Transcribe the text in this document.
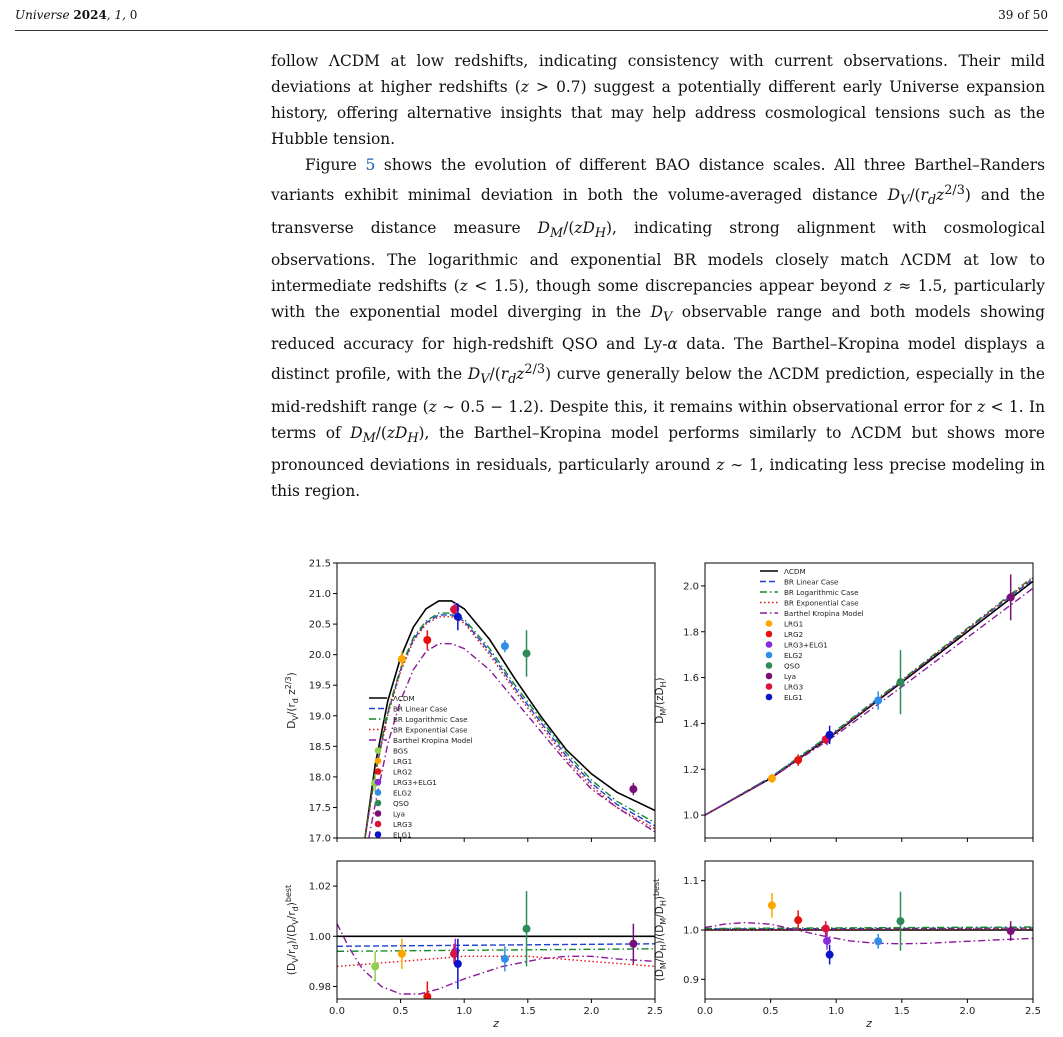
Universe 2024, 1, 0	39 of 50

follow ΛCDM at low redshifts, indicating consistency with current observations. Their mild deviations at higher redshifts (z > 0.7) suggest a potentially different early Universe expansion history, offering alternative insights that may help address cosmological tensions such as the Hubble tension.

Figure 5 shows the evolution of different BAO distance scales. All three Barthel–Randers variants exhibit minimal deviation in both the volume-averaged distance $D_V/(r_dz^{2/3})$ and the transverse distance measure $D_M/(zD_H)$, indicating strong alignment with cosmological observations. The logarithmic and exponential BR models closely match ΛCDM at low to intermediate redshifts (z < 1.5), though some discrepancies appear beyond z ≈ 1.5, particularly with the exponential model diverging in the $D_V$ observable range and both models showing reduced accuracy for high-redshift QSO and Ly-α data. The Barthel–Kropina model displays a distinct profile, with the $D_V/(r_dz^{2/3})$ curve generally below the ΛCDM prediction, especially in the mid-redshift range (z ∼ 0.5 − 1.2). Despite this, it remains within observational error for z < 1. In terms of $D_M/(zD_H)$, the Barthel–Kropina model performs similarly to ΛCDM but shows more pronounced deviations in residuals, particularly around z ∼ 1, indicating less precise modeling in this region.

17.0
17.5
18.0
18.5
19.0
19.5
20.0
20.5
21.0
21.5
$D_V/(r_d$ $z^{2/3}$)
ΛCDM
BR Linear Case
BR Logarithmic Case
BR Exponential Case
Barthel Kropina Model
BGS
LRG1
LRG2
LRG3+ELG1
ELG2
QSO
Lya
LRG3
ELG1
1.0
1.2
1.4
1.6
1.8
2.0
$D_M/(zD_H)$
ΛCDM
BR Linear Case
BR Logarithmic Case
BR Exponential Case
Barthel Kropina Model
LRG1
LRG2
LRG3+ELG1
ELG2
QSO
Lya
LRG3
ELG1
0.98
1.00
1.02
0.0	0.5	1.0	1.5	2.0	2.5
z
$(D_V/r_d)/(D_V/r_d)^{best}$
0.9
1.0
1.1
0.0	0.5	1.0	1.5	2.0	2.5
z
$(D_M/D_H)/(D_M/D_H)^{best}$
